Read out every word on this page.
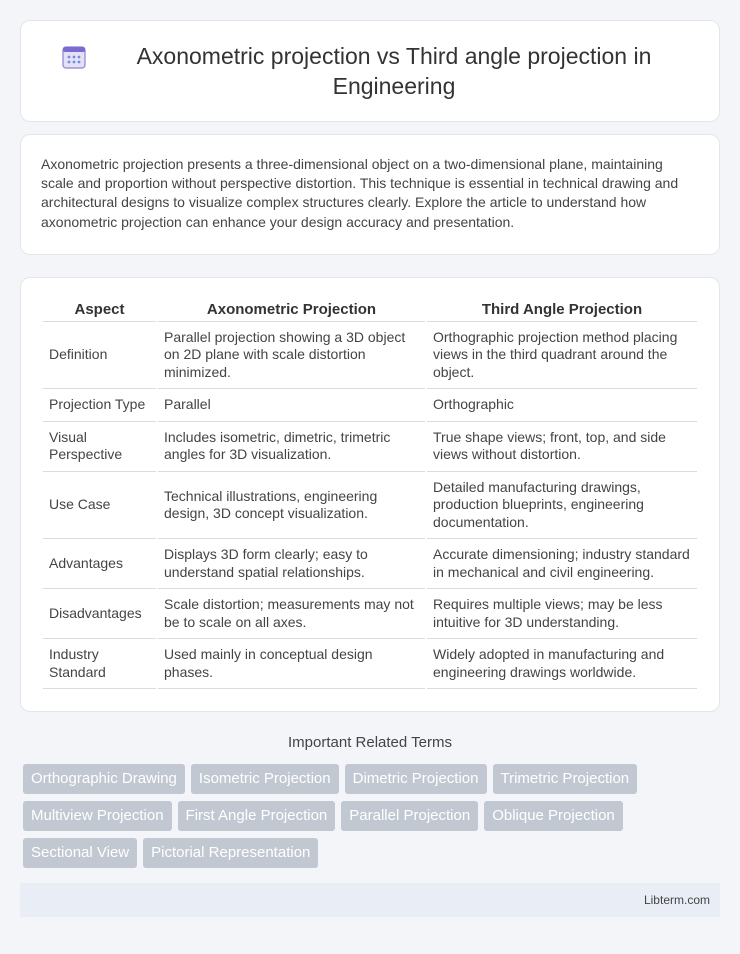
Axonometric projection vs Third angle projection in Engineering

Axonometric projection presents a three-dimensional object on a two-dimensional plane, maintaining scale and proportion without perspective distortion. This technique is essential in technical drawing and architectural designs to visualize complex structures clearly. Explore the article to understand how axonometric projection can enhance your design accuracy and presentation.

Aspect	Axonometric Projection	Third Angle Projection
Definition	Parallel projection showing a 3D object on 2D plane with scale distortion minimized.	Orthographic projection method placing views in the third quadrant around the object.
Projection Type	Parallel	Orthographic
Visual Perspective	Includes isometric, dimetric, trimetric angles for 3D visualization.	True shape views; front, top, and side views without distortion.
Use Case	Technical illustrations, engineering design, 3D concept visualization.	Detailed manufacturing drawings, production blueprints, engineering documentation.
Advantages	Displays 3D form clearly; easy to understand spatial relationships.	Accurate dimensioning; industry standard in mechanical and civil engineering.
Disadvantages	Scale distortion; measurements may not be to scale on all axes.	Requires multiple views; may be less intuitive for 3D understanding.
Industry Standard	Used mainly in conceptual design phases.	Widely adopted in manufacturing and engineering drawings worldwide.
Important Related Terms
Orthographic Drawing	Isometric Projection	Dimetric Projection	Trimetric Projection
Multiview Projection	First Angle Projection	Parallel Projection	Oblique Projection
Sectional View	Pictorial Representation
Libterm.com
